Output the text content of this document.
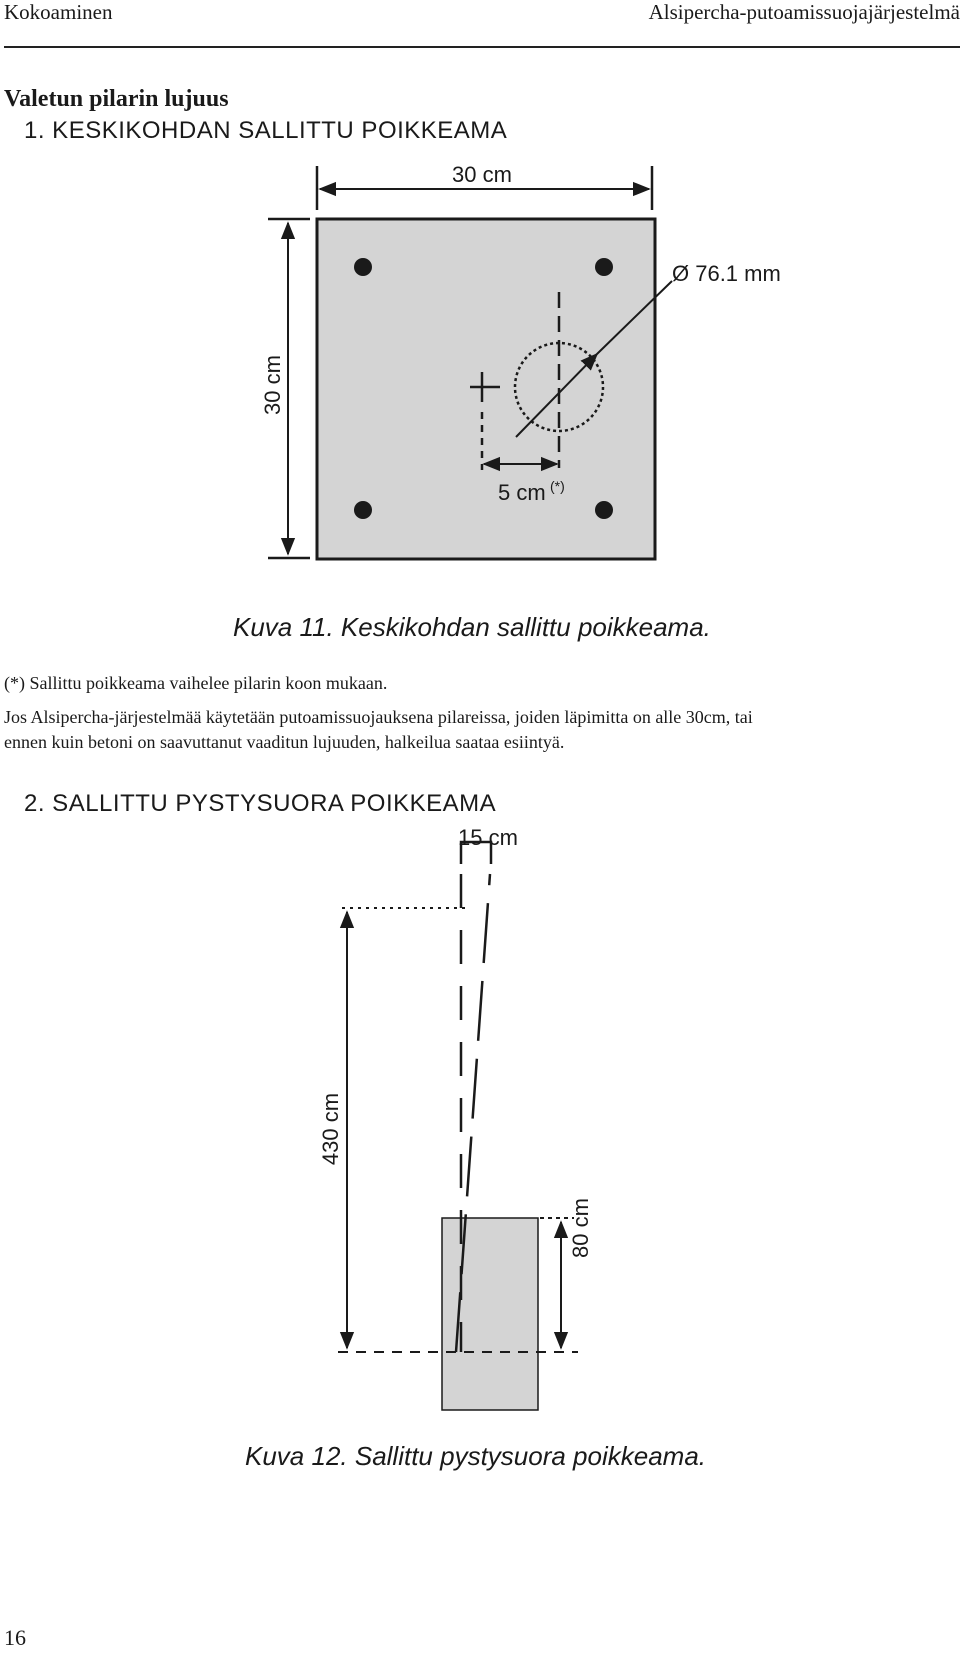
Kokoaminen	Alsipercha-putoamissuojajärjestelmä
Valetun pilarin lujuus
1. KESKIKOHDAN SALLITTU POIKKEAMA
30 cm
30 cm
Ø 76.1 mm
5 cm (*)
Kuva 11. Keskikohdan sallittu poikkeama.
(*) Sallittu poikkeama vaihelee pilarin koon mukaan.

Jos Alsipercha-järjestelmää käytetään putoamissuojauksena pilareissa, joiden läpimitta on alle 30cm, tai

ennen kuin betoni on saavuttanut vaaditun lujuuden, halkeilua saataa esiintyä.

2. SALLITTU PYSTYSUORA POIKKEAMA
15 cm
430 cm
80 cm
Kuva 12. Sallittu pystysuora poikkeama.
16
